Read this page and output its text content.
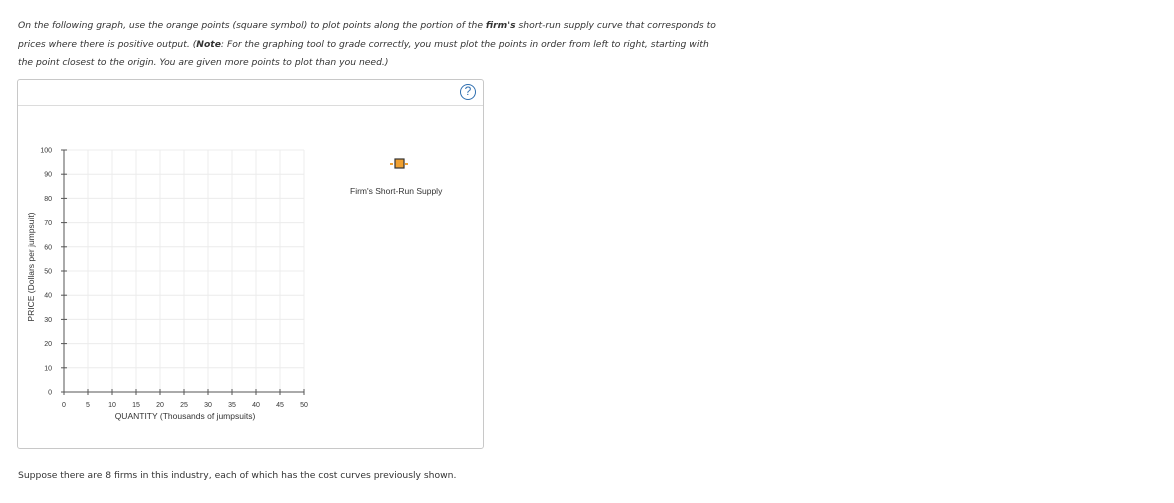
On the following graph, use the orange points (square symbol) to plot points along the portion of the firm's short-run supply curve that corresponds to prices where there is positive output. (Note: For the graphing tool to grade correctly, you must plot the points in order from left to right, starting with the point closest to the origin. You are given more points to plot than you need.)

?
0
10
20
30
40
50
60
70
80
90
100
0	5	10 15 20 25 30 35 40 45 50
PRICE (Dollars per jumpsuit)
QUANTITY (Thousands of jumpsuits)
Firm's Short-Run Supply
Suppose there are 8 firms in this industry, each of which has the cost curves previously shown.
